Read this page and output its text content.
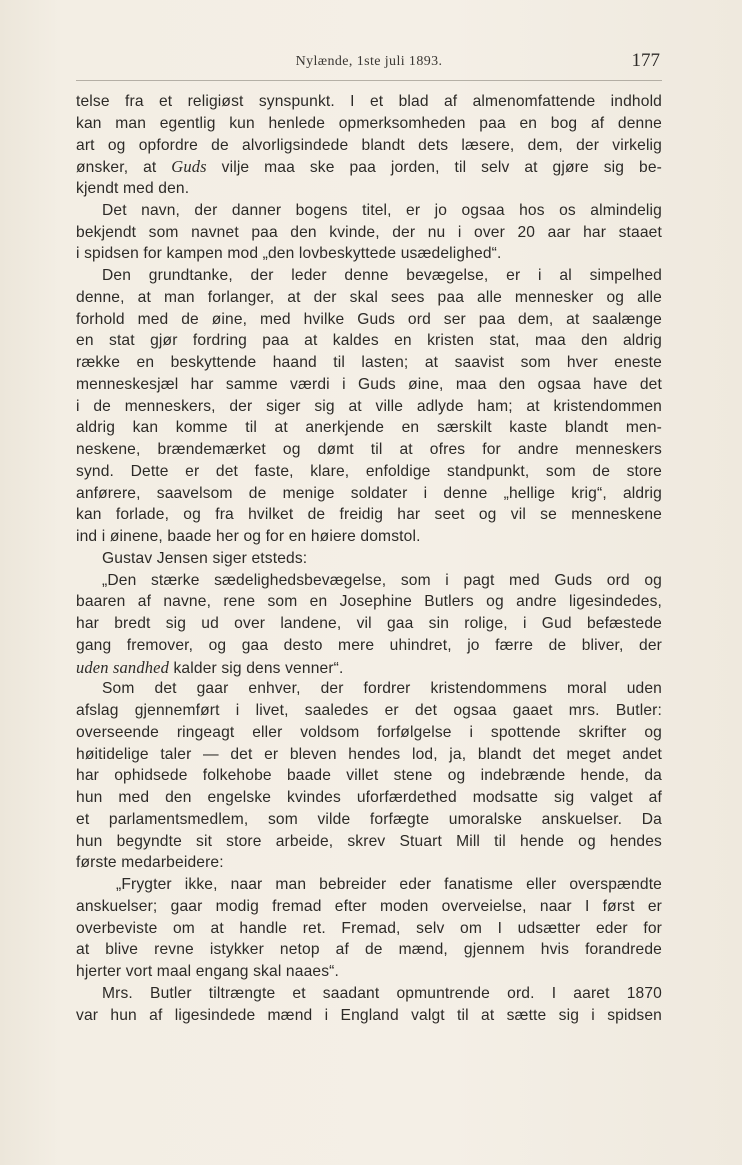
Nylænde, 1ste juli 1893.	177
telse fra et religiøst synspunkt. I et blad af almenomfattende indhold
kan man egentlig kun henlede opmerksomheden paa en bog af denne
art og opfordre de alvorligsindede blandt dets læsere, dem, der virkelig
ønsker, at Guds vilje maa ske paa jorden, til selv at gjøre sig be-
kjendt med den.
Det navn, der danner bogens titel, er jo ogsaa hos os almindelig
bekjendt som navnet paa den kvinde, der nu i over 20 aar har staaet
i spidsen for kampen mod „den lovbeskyttede usædelighed“.
Den grundtanke, der leder denne bevægelse, er i al simpelhed
denne, at man forlanger, at der skal sees paa alle mennesker og alle
forhold med de øine, med hvilke Guds ord ser paa dem, at saalænge
en stat gjør fordring paa at kaldes en kristen stat, maa den aldrig
række en beskyttende haand til lasten; at saavist som hver eneste
menneskesjæl har samme værdi i Guds øine, maa den ogsaa have det
i de menneskers, der siger sig at ville adlyde ham; at kristendommen
aldrig kan komme til at anerkjende en særskilt kaste blandt men-
neskene, brændemærket og dømt til at ofres for andre menneskers
synd. Dette er det faste, klare, enfoldige standpunkt, som de store
anførere, saavelsom de menige soldater i denne „hellige krig“, aldrig
kan forlade, og fra hvilket de freidig har seet og vil se menneskene
ind i øinene, baade her og for en høiere domstol.
Gustav Jensen siger etsteds:
„Den stærke sædelighedsbevægelse, som i pagt med Guds ord og
baaren af navne, rene som en Josephine Butlers og andre ligesindedes,
har bredt sig ud over landene, vil gaa sin rolige, i Gud befæstede
gang fremover, og gaa desto mere uhindret, jo færre de bliver, der
uden sandhed kalder sig dens venner“.
Som det gaar enhver, der fordrer kristendommens moral uden
afslag gjennemført i livet, saaledes er det ogsaa gaaet mrs. Butler:
overseende ringeagt eller voldsom forfølgelse i spottende skrifter og
høitidelige taler — det er bleven hendes lod, ja, blandt det meget andet
har ophidsede folkehobe baade villet stene og indebrænde hende, da
hun med den engelske kvindes uforfærdethed modsatte sig valget af
et parlamentsmedlem, som vilde forfægte umoralske anskuelser. Da
hun begyndte sit store arbeide, skrev Stuart Mill til hende og hendes
første medarbeidere:
„Frygter ikke, naar man bebreider eder fanatisme eller overspændte
anskuelser; gaar modig fremad efter moden overveielse, naar I først er
overbeviste om at handle ret. Fremad, selv om I udsætter eder for
at blive revne istykker netop af de mænd, gjennem hvis forandrede
hjerter vort maal engang skal naaes“.
Mrs. Butler tiltrængte et saadant opmuntrende ord. I aaret 1870
var hun af ligesindede mænd i England valgt til at sætte sig i spidsen
